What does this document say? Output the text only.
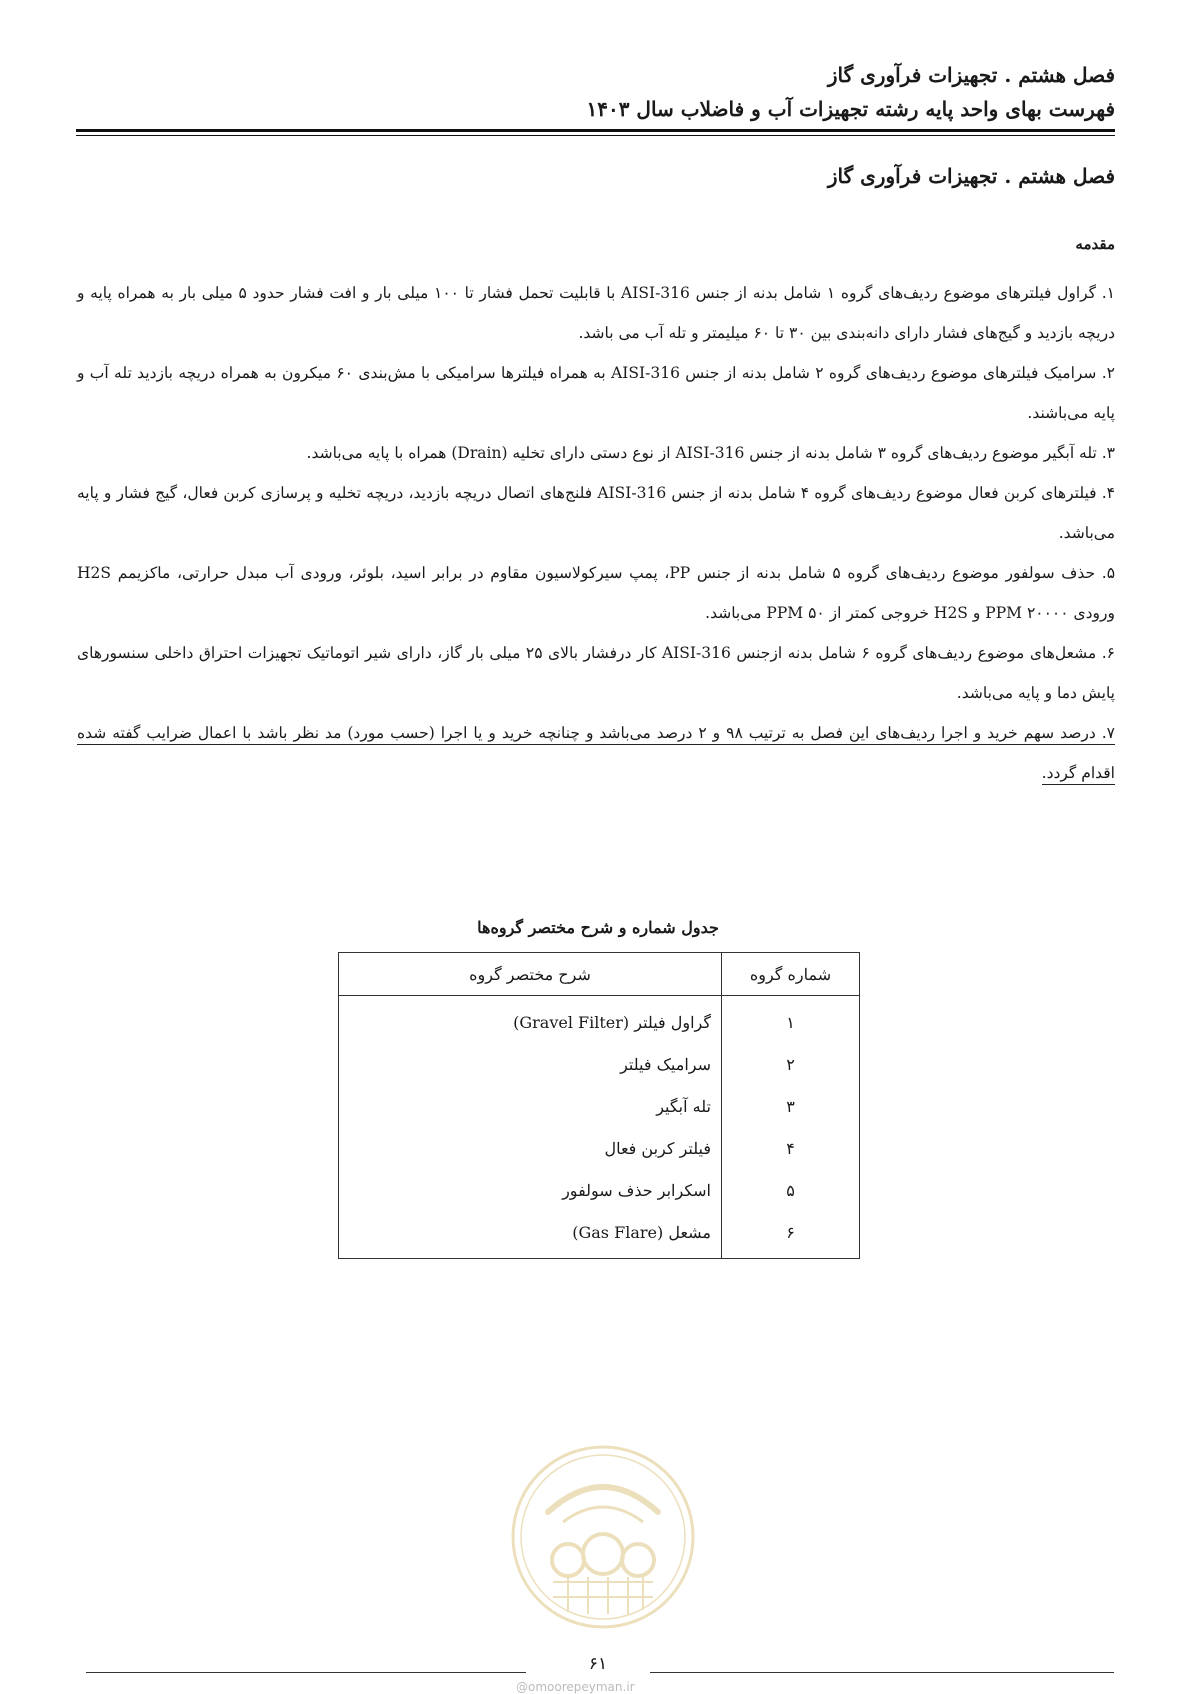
فصل هشتم . تجهیزات فرآوری گاز
فهرست بهای واحد پایه رشته تجهیزات آب و فاضلاب سال ۱۴۰۳
فصل هشتم . تجهیزات فرآوری گاز
مقدمه

۱. گراول فیلترهای موضوع ردیف‌های گروه ۱ شامل بدنه از جنس AISI-316 با قابلیت تحمل فشار تا ۱۰۰ میلی بار و افت فشار حدود ۵ میلی بار به همراه پایه و دریچه بازدید و گیج‌های فشار دارای دانه‌بندی بین ۳۰ تا ۶۰ میلیمتر و تله آب می باشد.

۲. سرامیک فیلترهای موضوع ردیف‌های گروه ۲ شامل بدنه از جنس AISI-316 به همراه فیلترها سرامیکی با مش‌بندی ۶۰ میکرون به همراه دریچه بازدید تله آب و پایه می‌باشند.

۳. تله آبگیر موضوع ردیف‌های گروه ۳ شامل بدنه از جنس AISI-316 از نوع دستی دارای تخلیه (Drain) همراه با پایه می‌باشد.

۴. فیلترهای کربن فعال موضوع ردیف‌های گروه ۴ شامل بدنه از جنس AISI-316 فلنج‌های اتصال دریچه بازدید، دریچه تخلیه و پرسازی کربن فعال، گیج فشار و پایه می‌باشد.

۵. حذف سولفور موضوع ردیف‌های گروه ۵ شامل بدنه از جنس PP، پمپ سیرکولاسیون مقاوم در برابر اسید، بلوئر، ورودی آب مبدل حرارتی، ماکزیمم H2S ورودی ۲۰۰۰۰ PPM و H2S خروجی کمتر از ۵۰ PPM می‌باشد.

۶. مشعل‌های موضوع ردیف‌های گروه ۶ شامل بدنه ازجنس AISI-316 کار درفشار بالای ۲۵ میلی بار گاز، دارای شیر اتوماتیک تجهیزات احتراق داخلی سنسورهای پایش دما و پایه می‌باشد.

۷. درصد سهم خرید و اجرا ردیف‌های این فصل به ترتیب ۹۸ و ۲ درصد می‌باشد و چنانچه خرید و یا اجرا (حسب مورد) مد نظر باشد با اعمال ضرایب گفته شده اقدام گردد.

جدول شماره و شرح مختصر گروه‌ها
شماره گروه	شرح مختصر گروه
۱	گراول فیلتر (Gravel Filter)
۲	سرامیک فیلتر
۳	تله آبگیر
۴	فیلتر کربن فعال
۵	اسکرابر حذف سولفور
۶	مشعل (Gas Flare)
۶۱
@omoorepeyman.ir
